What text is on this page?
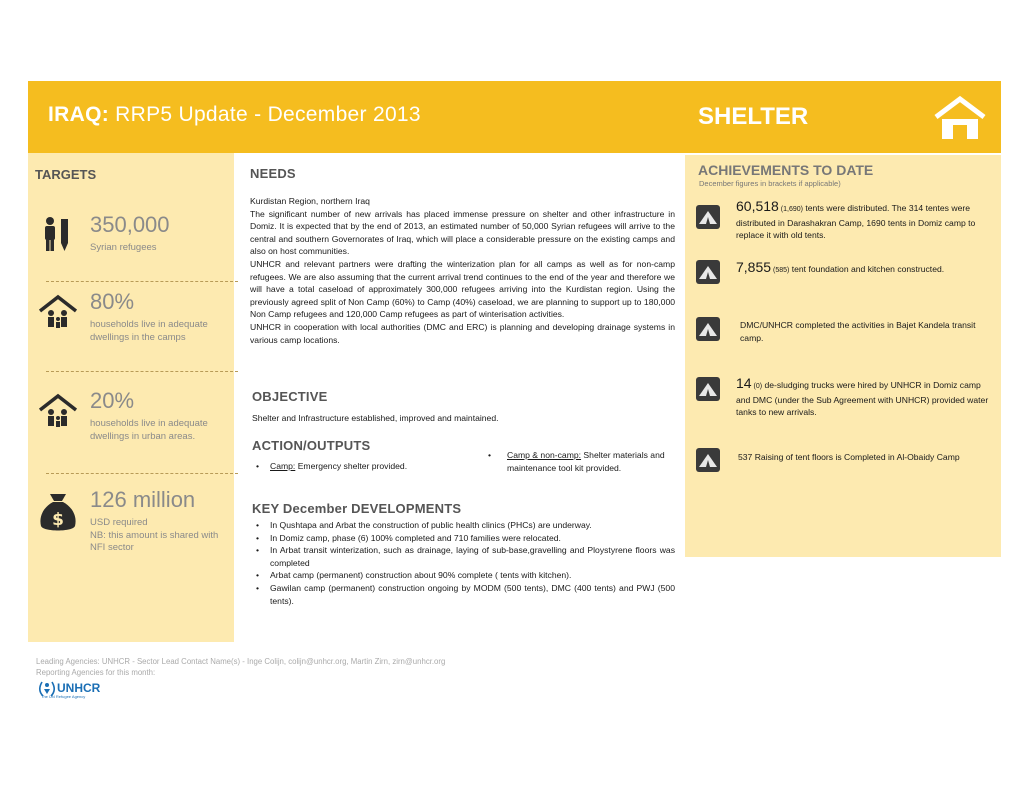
IRAQ: RRP5 Update - December 2013	SHELTER
TARGETS
350,000
Syrian refugees
80%
households live in adequate dwellings in the camps
20%
households live in adequate dwellings in urban areas.
$
126 million
USD required
NB: this amount is shared with NFI sector
NEEDS

Kurdistan Region, northern Iraq

The significant number of new arrivals has placed immense pressure on shelter and other infrastructure in Domiz. It is expected that by the end of 2013, an estimated number of 50,000 Syrian refugees will arrive to the central and southern Governorates of Iraq, which will place a considerable pressure on the existing camps and also on host communities.

UNHCR and relevant partners were drafting the winterization plan for all camps as well as for non-camp refugees. We are also assuming that the current arrival trend continues to the end of the year and therefore we will have a total caseload of approximately 300,000 refugees arriving into the Kurdistan region. Using the previously agreed split of Non Camp (60%) to Camp (40%) caseload, we are planning to support up to 180,000 Non Camp refugees and 120,000 Camp refugees as part of winterisation activities.

UNHCR in cooperation with local authorities (DMC and ERC) is planning and developing drainage systems in various camp locations.

OBJECTIVE
Shelter and Infrastructure established, improved and maintained.
ACTION/OUTPUTS
• Camp: Emergency shelter provided.
•	Camp & non-camp: Shelter materials and maintenance tool kit provided.
KEY December DEVELOPMENTS
• In Qushtapa and Arbat the construction of public health clinics (PHCs) are underway.
• In Domiz camp, phase (6) 100% completed and 710 families were relocated.
• In Arbat transit winterization, such as drainage, laying of sub-base,gravelling and Ploystyrene floors was completed
• Arbat camp (permanent) construction about 90% complete ( tents with kitchen).
• Gawilan camp (permanent) construction ongoing by MODM (500 tents), DMC (400 tents) and PWJ (500 tents).
ACHIEVEMENTS TO DATE
December figures in brackets if applicable)
60,518 (1,690) tents were distributed. The 314 tentes were distributed in Darashakran Camp, 1690 tents in Domiz camp to replace it with old tents.
7,855 (585) tent foundation and kitchen constructed.
DMC/UNHCR completed the activities in Bajet Kandela transit camp.
14 (0) de-sludging trucks were hired by UNHCR in Domiz camp and DMC (under the Sub Agreement with UNHCR) provided water tanks to new arrivals.
537 Raising of tent floors is Completed in Al-Obaidy Camp
Leading Agencies: UNHCR - Sector Lead Contact Name(s) - Inge Colijn, colijn@unhcr.org, Martin Zirn, zirn@unhcr.org
Reporting Agencies for this month:
UNHCR
The UN Refugee Agency
